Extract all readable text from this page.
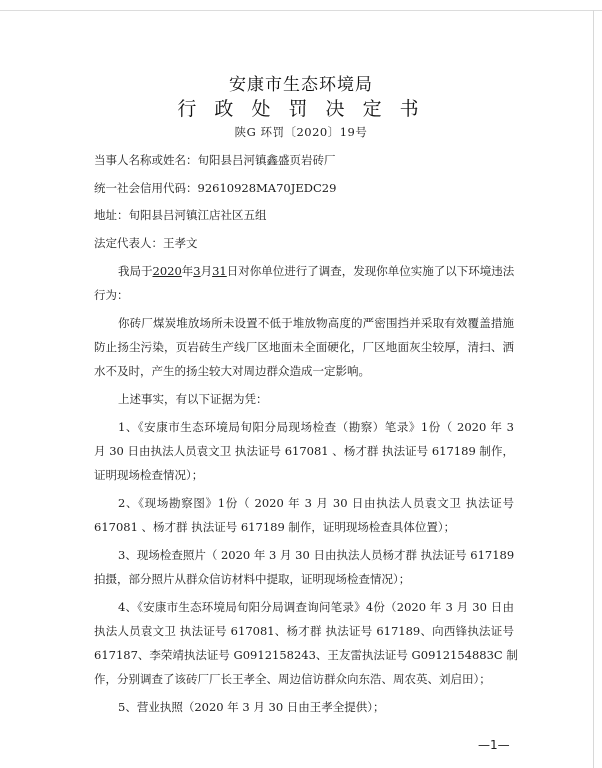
安康市生态环境局
行 政 处 罚 决 定 书
陕G 环罚〔2020〕19号
当事人名称或姓名：旬阳县吕河镇鑫盛页岩砖厂
统一社会信用代码：92610928MA70JEDC29
地址：旬阳县吕河镇江店社区五组
法定代表人：王孝文
我局于2020年3月31日对你单位进行了调查，发现你单位实施了以下环境违法
行为：
你砖厂煤炭堆放场所未设置不低于堆放物高度的严密围挡并采取有效覆盖措施
防止扬尘污染，页岩砖生产线厂区地面未全面硬化，厂区地面灰尘较厚，清扫、洒
水不及时，产生的扬尘较大对周边群众造成一定影响。
上述事实，有以下证据为凭：
1、《安康市生态环境局旬阳分局现场检查（勘察）笔录》1份（ 2020 年 3
月 30 日由执法人员袁文卫 执法证号 617081 、杨才群 执法证号 617189 制作，
证明现场检查情况）；
2、《现场勘察图》1份（ 2020 年 3 月 30 日由执法人员袁文卫 执法证号
617081 、杨才群 执法证号 617189 制作，证明现场检查具体位置）；
3、现场检查照片（ 2020 年 3 月 30 日由执法人员杨才群 执法证号 617189
拍摄，部分照片从群众信访材料中提取，证明现场检查情况）；
4、《安康市生态环境局旬阳分局调查询问笔录》4份（2020 年 3 月 30 日由
执法人员袁文卫 执法证号 617081、杨才群 执法证号 617189、向西锋执法证号
617187、李荣靖执法证号 G0912158243、王友雷执法证号 G0912154883C 制
作，分别调查了该砖厂厂长王孝全、周边信访群众向东浩、周农英、刘启田）；
5、营业执照（2020 年 3 月 30 日由王孝全提供）；
—1—
